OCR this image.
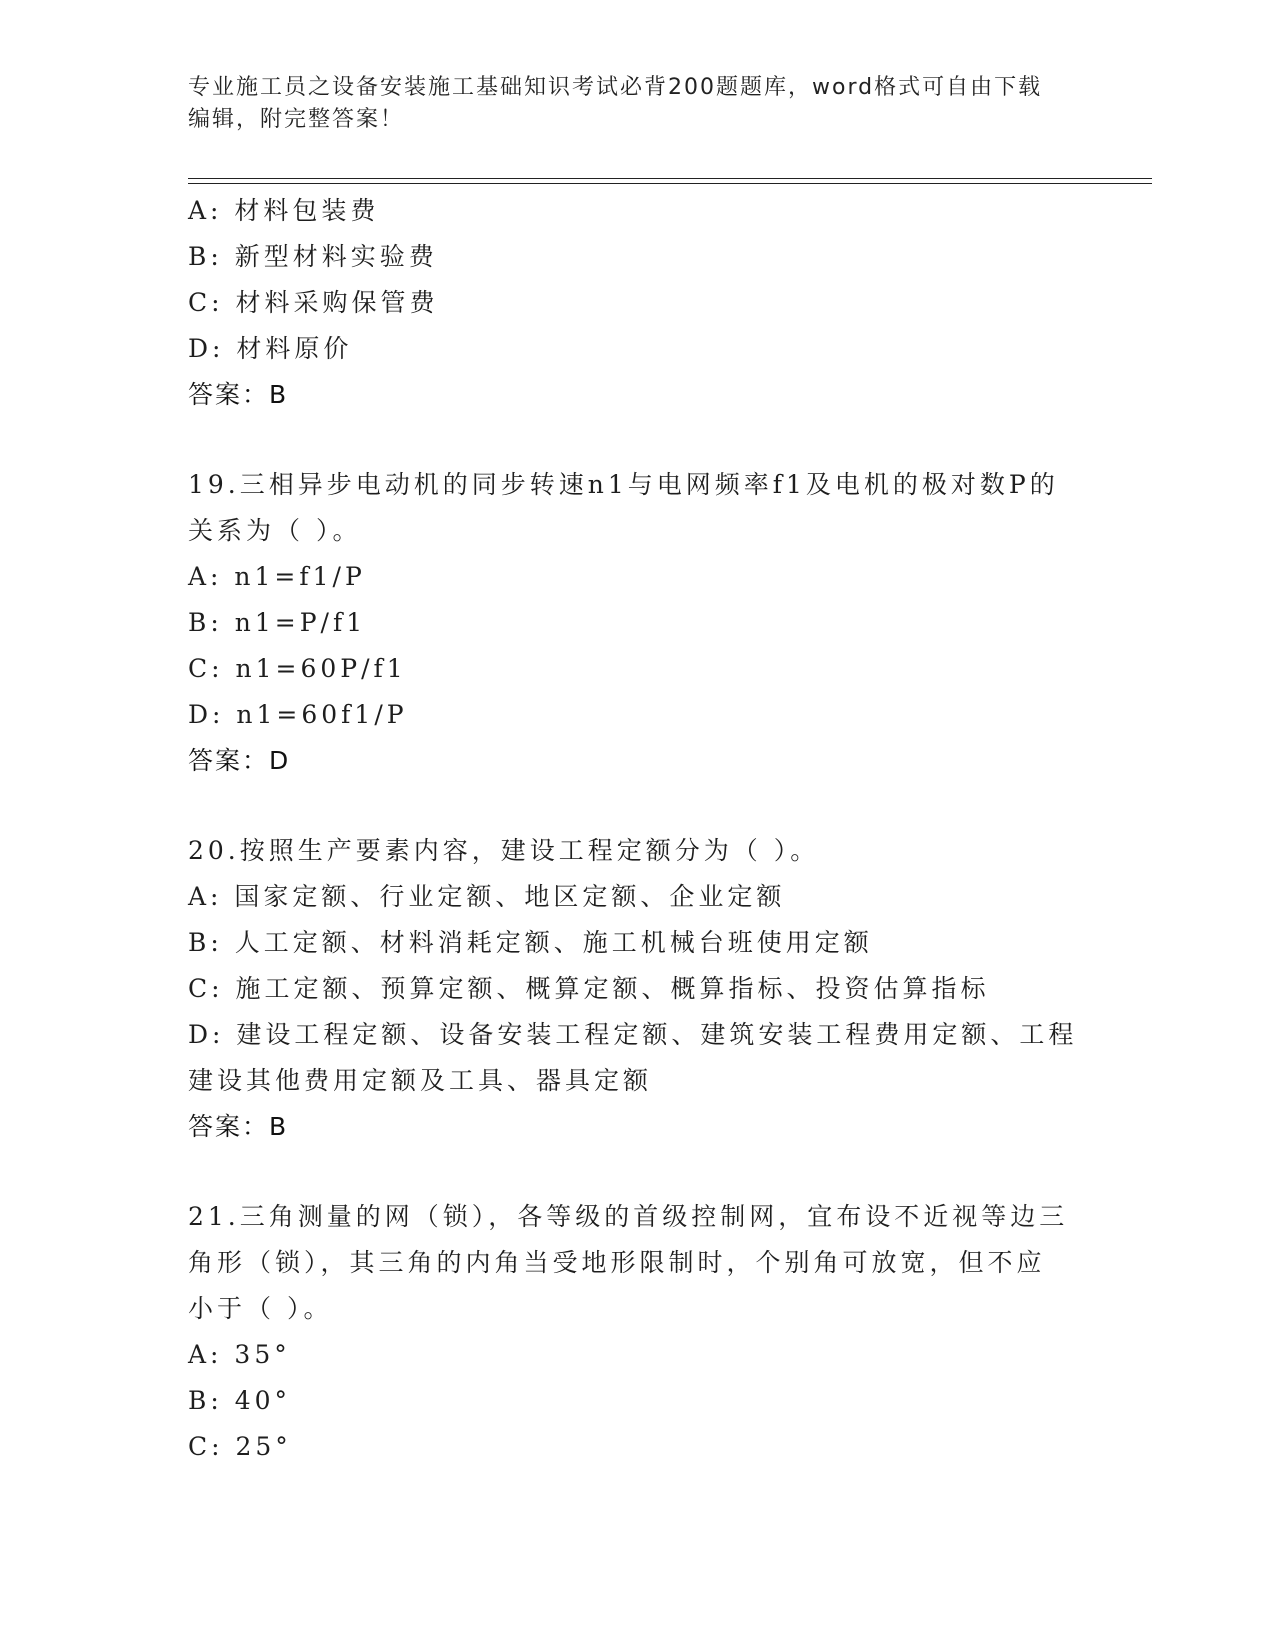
专业施工员之设备安装施工基础知识考试必背200题题库，word格式可自由下载
编辑，附完整答案！
A: 材料包装费
B: 新型材料实验费
C: 材料采购保管费
D: 材料原价
答案：B
19.三相异步电动机的同步转速n1与电网频率f1及电机的极对数P的
关系为（ ）。
A: n1=f1/P
B: n1=P/f1
C: n1=60P/f1
D: n1=60f1/P
答案：D
20.按照生产要素内容，建设工程定额分为（ ）。
A: 国家定额、行业定额、地区定额、企业定额
B: 人工定额、材料消耗定额、施工机械台班使用定额
C: 施工定额、预算定额、概算定额、概算指标、投资估算指标
D: 建设工程定额、设备安装工程定额、建筑安装工程费用定额、工程
建设其他费用定额及工具、器具定额
答案：B
21.三角测量的网（锁），各等级的首级控制网，宜布设不近视等边三
角形（锁），其三角的内角当受地形限制时，个别角可放宽，但不应
小于（ ）。
A: 35°
B: 40°
C: 25°
